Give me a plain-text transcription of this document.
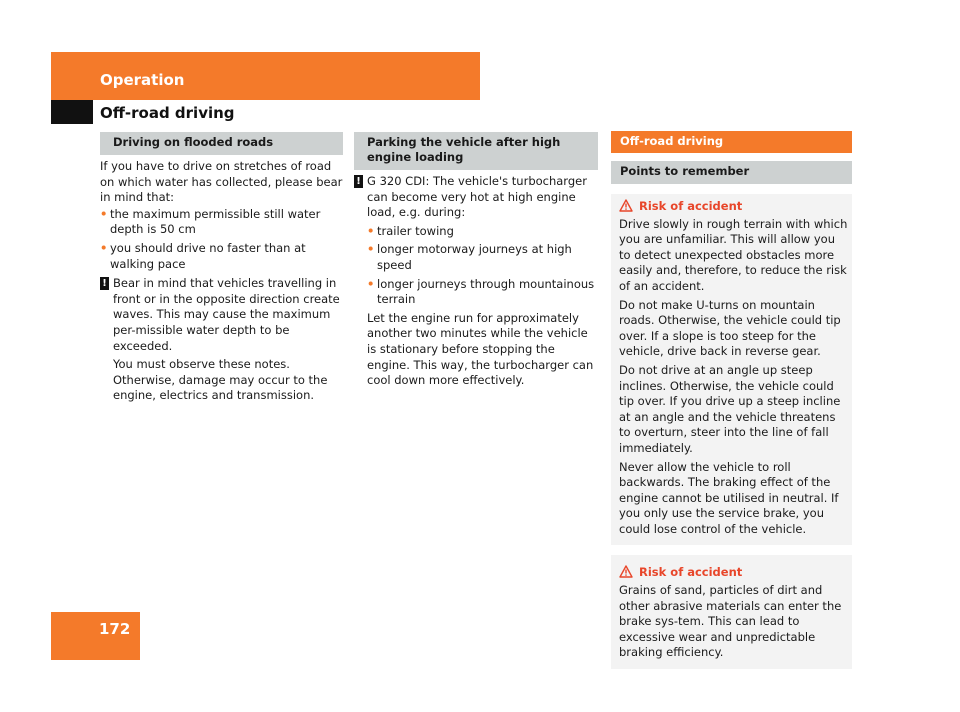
Operation
Off-road driving
Driving on flooded roads

If you have to drive on stretches of road on which water has collected, please bear in mind that:

• the maximum permissible still water depth is 50 cm
• you should drive no faster than at walking pace
! Bear in mind that vehicles travelling in front or in the opposite direction create waves. This may cause the maximum per-missible water depth to be exceeded.

You must observe these notes. Otherwise, damage may occur to the engine, electrics and transmission.

Parking the vehicle after high engine loading
! G 320 CDI: The vehicle's turbocharger can become very hot at high engine load, e.g. during:

• trailer towing
• longer motorway journeys at high speed
• longer journeys through mountainous terrain

Let the engine run for approximately another two minutes while the vehicle is stationary before stopping the engine. This way, the turbocharger can cool down more effectively.

Off-road driving
Points to remember
Risk of accident

Drive slowly in rough terrain with which you are unfamiliar. This will allow you to detect unexpected obstacles more easily and, therefore, to reduce the risk of an accident.

Do not make U-turns on mountain roads. Otherwise, the vehicle could tip over. If a slope is too steep for the vehicle, drive back in reverse gear.

Do not drive at an angle up steep inclines. Otherwise, the vehicle could tip over. If you drive up a steep incline at an angle and the vehicle threatens to overturn, steer into the line of fall immediately.

Never allow the vehicle to roll backwards. The braking effect of the engine cannot be utilised in neutral. If you only use the service brake, you could lose control of the vehicle.

Risk of accident

Grains of sand, particles of dirt and other abrasive materials can enter the brake sys-tem. This can lead to excessive wear and unpredictable braking efficiency.

172
